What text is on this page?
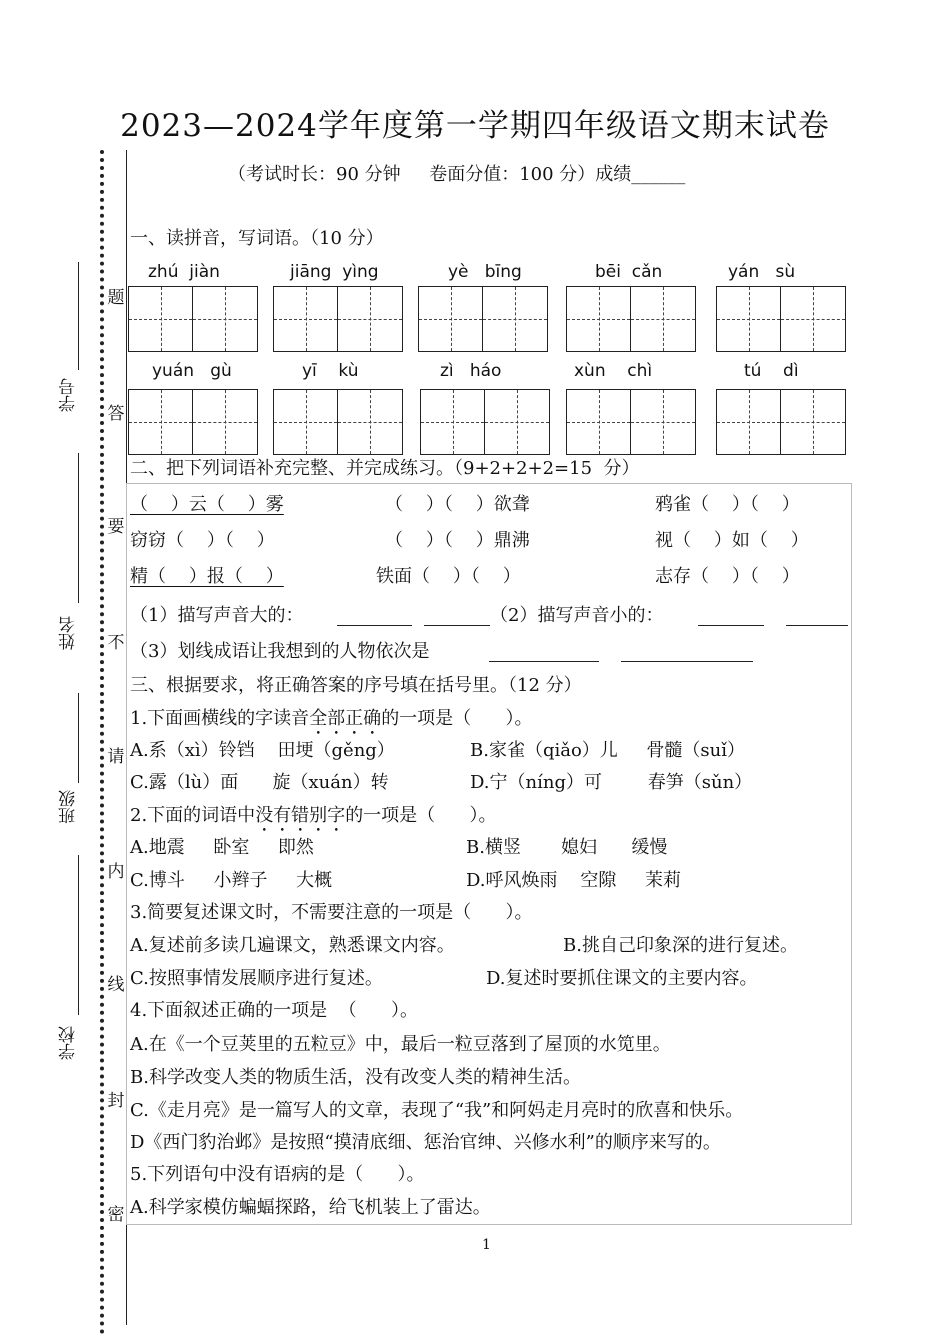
2023—2024学年度第一学期四年级语文期末试卷
（考试时长：90 分钟     卷面分值：100 分）成绩______
题
答
要
不
请
内
线
封
密
学号
姓名
班级
学校
一、读拼音，写词语。（10 分）
zhú  jiàn	jiāng  yìng	yè   bīng	bēi  cǎn	yán   sù
yuán   gù	yī    kù	zì   háo	xùn    chì	tú    dì
二、把下列词语补充完整、并完成练习。（9+2+2+2=15  分）
（    ）云（    ）雾	（    ）（    ）欲聋	鸦雀（    ）（    ）
窃窃（    ）（    ）	（    ）（    ）鼎沸	视（    ）如（    ）
精（    ）报（    ）	铁面（    ）（    ）	志存（    ）（    ）
（1）描写声音大的：	（2）描写声音小的：
（3）划线成语让我想到的人物依次是
三、根据要求，将正确答案的序号填在括号里。（12 分）
1.下面画横线的字读音全部正确的一项是（      ）。
A.系（xì）铃铛    田埂（gěng）	B.家雀（qiǎo）儿     骨髓（suǐ）
C.露（lù）面      旋（xuán）转	D.宁（níng）可        春笋（sǔn）
2.下面的词语中没有错别字的一项是（      ）。
A.地震     卧室     即然	B.横竖       媳妇      缓慢
C.博斗     小辫子     大概	D.呼风焕雨    空隙     茉莉
3.简要复述课文时，不需要注意的一项是（      ）。
A.复述前多读几遍课文，熟悉课文内容。	B.挑自己印象深的进行复述。
C.按照事情发展顺序进行复述。	D.复述时要抓住课文的主要内容。
4.下面叙述正确的一项是  （      ）。
A.在《一个豆荚里的五粒豆》中，最后一粒豆落到了屋顶的水笕里。
B.科学改变人类的物质生活，没有改变人类的精神生活。
C.《走月亮》是一篇写人的文章，表现了“我”和阿妈走月亮时的欣喜和快乐。
D《西门豹治邺》是按照“摸清底细、惩治官绅、兴修水利”的顺序来写的。
5.下列语句中没有语病的是（      ）。
A.科学家模仿蝙蝠探路，给飞机装上了雷达。
1
